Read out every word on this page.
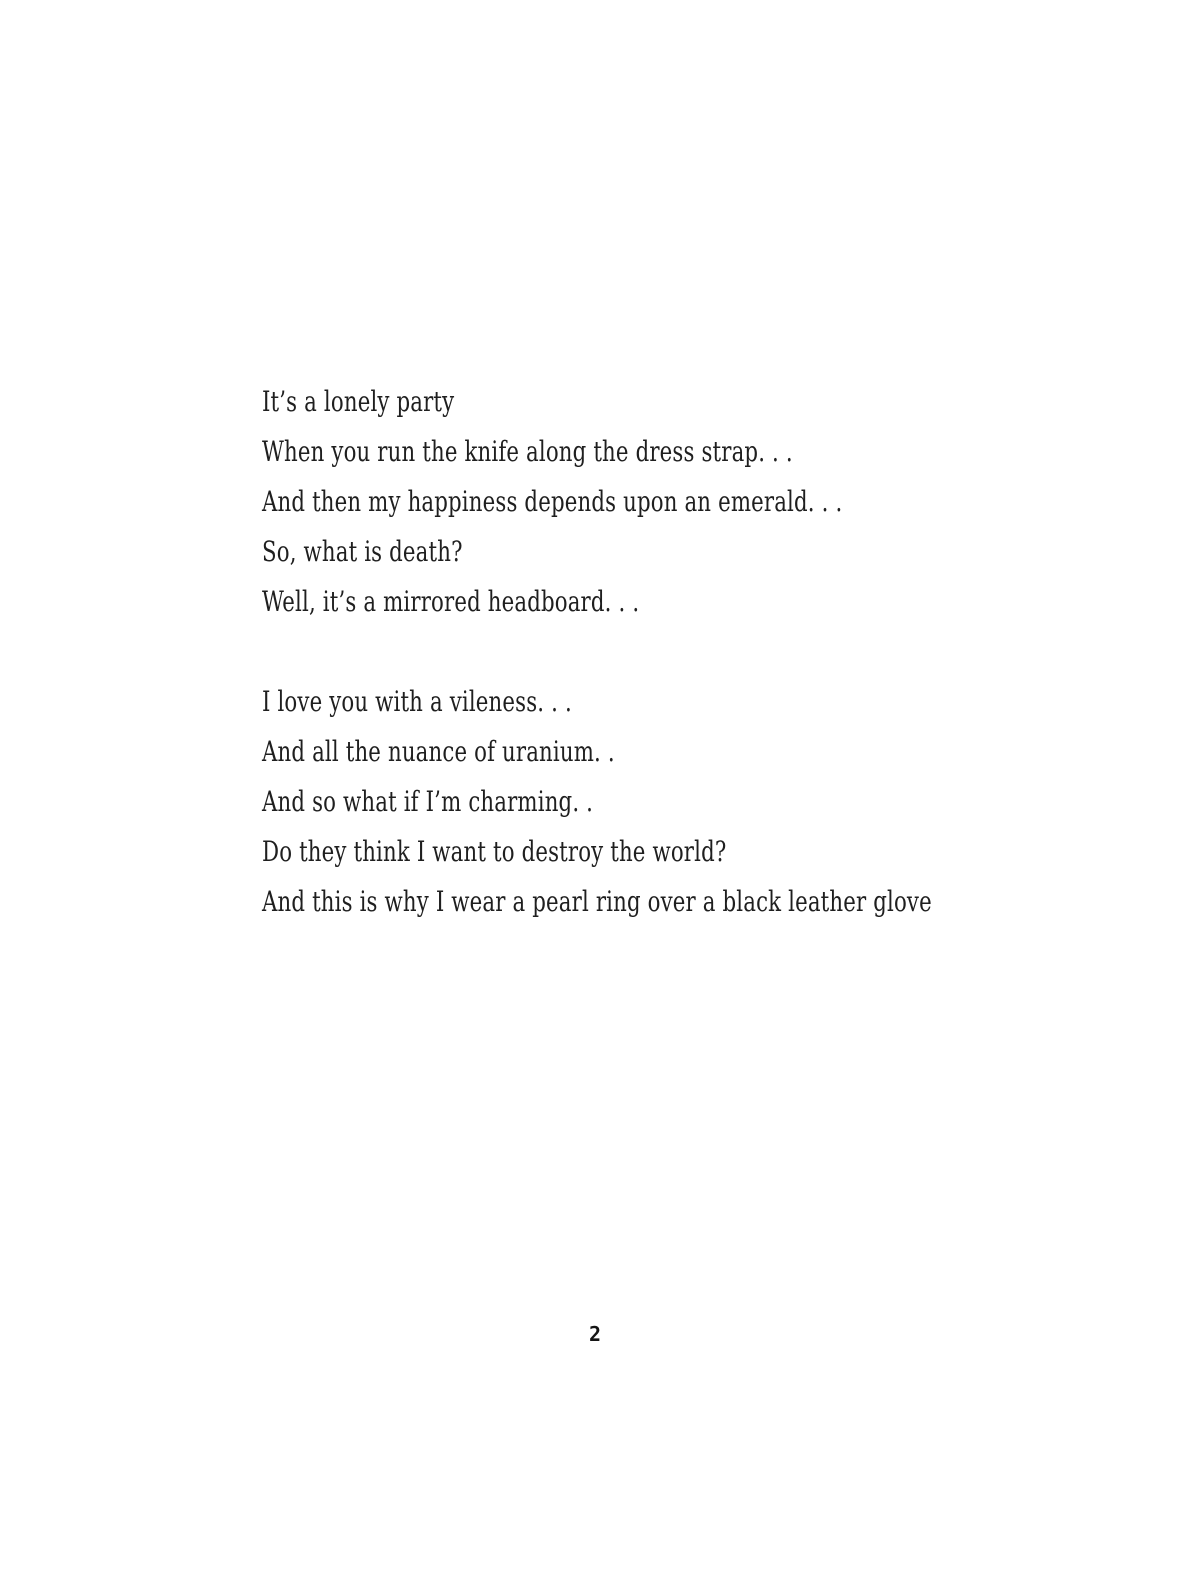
It’s a lonely party
When you run the knife along the dress strap. . .
And then my happiness depends upon an emerald. . .
So, what is death?
Well, it’s a mirrored headboard. . .
I love you with a vileness. . .
And all the nuance of uranium. .
And so what if I’m charming. .
Do they think I want to destroy the world?
And this is why I wear a pearl ring over a black leather glove
2
